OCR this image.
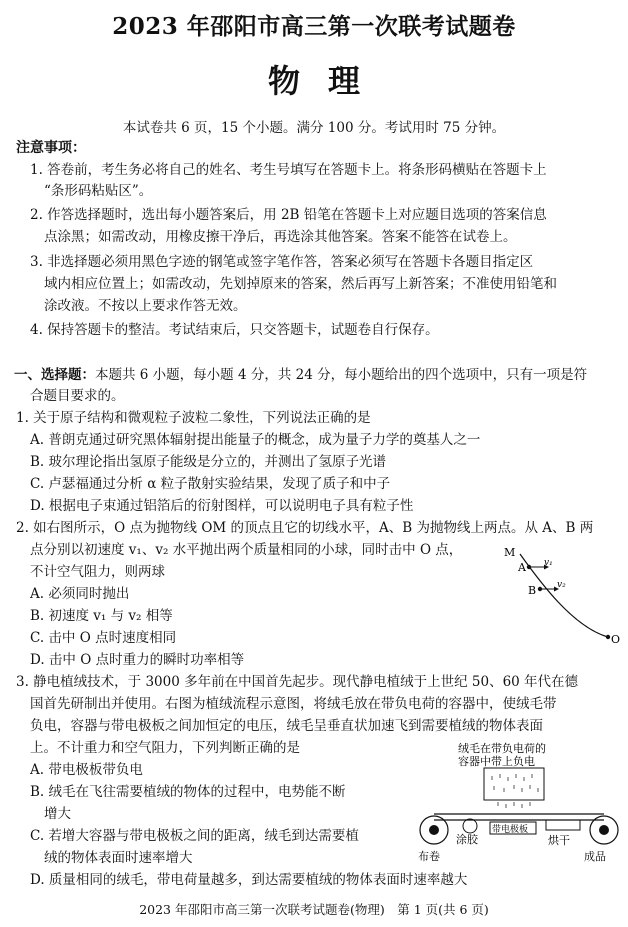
2023 年邵阳市高三第一次联考试题卷
物理
本试卷共 6 页，15 个小题。满分 100 分。考试用时 75 分钟。
注意事项：
1. 答卷前，考生务必将自己的姓名、考生号填写在答题卡上。将条形码横贴在答题卡上
“条形码粘贴区”。
2. 作答选择题时，选出每小题答案后，用 2B 铅笔在答题卡上对应题目选项的答案信息
点涂黑；如需改动，用橡皮擦干净后，再选涂其他答案。答案不能答在试卷上。
3. 非选择题必须用黑色字迹的钢笔或签字笔作答，答案必须写在答题卡各题目指定区
域内相应位置上；如需改动，先划掉原来的答案，然后再写上新答案；不准使用铅笔和
涂改液。不按以上要求作答无效。
4. 保持答题卡的整洁。考试结束后，只交答题卡，试题卷自行保存。
一、选择题：本题共 6 小题，每小题 4 分，共 24 分，每小题给出的四个选项中，只有一项是符
合题目要求的。
1. 关于原子结构和微观粒子波粒二象性，下列说法正确的是
A. 普朗克通过研究黑体辐射提出能量子的概念，成为量子力学的奠基人之一
B. 玻尔理论指出氢原子能级是分立的，并测出了氢原子光谱
C. 卢瑟福通过分析 α 粒子散射实验结果，发现了质子和中子
D. 根据电子束通过铝箔后的衍射图样，可以说明电子具有粒子性
2. 如右图所示，O 点为抛物线 OM 的顶点且它的切线水平，A、B 为抛物线上两点。从 A、B 两
点分别以初速度 v₁、v₂ 水平抛出两个质量相同的小球，同时击中 O 点，
不计空气阻力，则两球
A. 必须同时抛出
B. 初速度 v₁ 与 v₂ 相等
C. 击中 O 点时速度相同
D. 击中 O 点时重力的瞬时功率相等
M
A
B
O
v₁
v₂
3. 静电植绒技术，于 3000 多年前在中国首先起步。现代静电植绒于上世纪 50、60 年代在德
国首先研制出并使用。右图为植绒流程示意图，将绒毛放在带负电荷的容器中，使绒毛带
负电，容器与带电极板之间加恒定的电压，绒毛呈垂直状加速飞到需要植绒的物体表面
上。不计重力和空气阻力，下列判断正确的是
A. 带电极板带负电
B. 绒毛在飞往需要植绒的物体的过程中，电势能不断
增大
C. 若增大容器与带电极板之间的距离，绒毛到达需要植
绒的物体表面时速率增大
D. 质量相同的绒毛，带电荷量越多，到达需要植绒的物体表面时速率越大
绒毛在带负电荷的
容器中带上负电
带电极板
布卷
涂胶	烘干
成品
2023 年邵阳市高三第一次联考试题卷(物理)　第 1 页(共 6 页)
